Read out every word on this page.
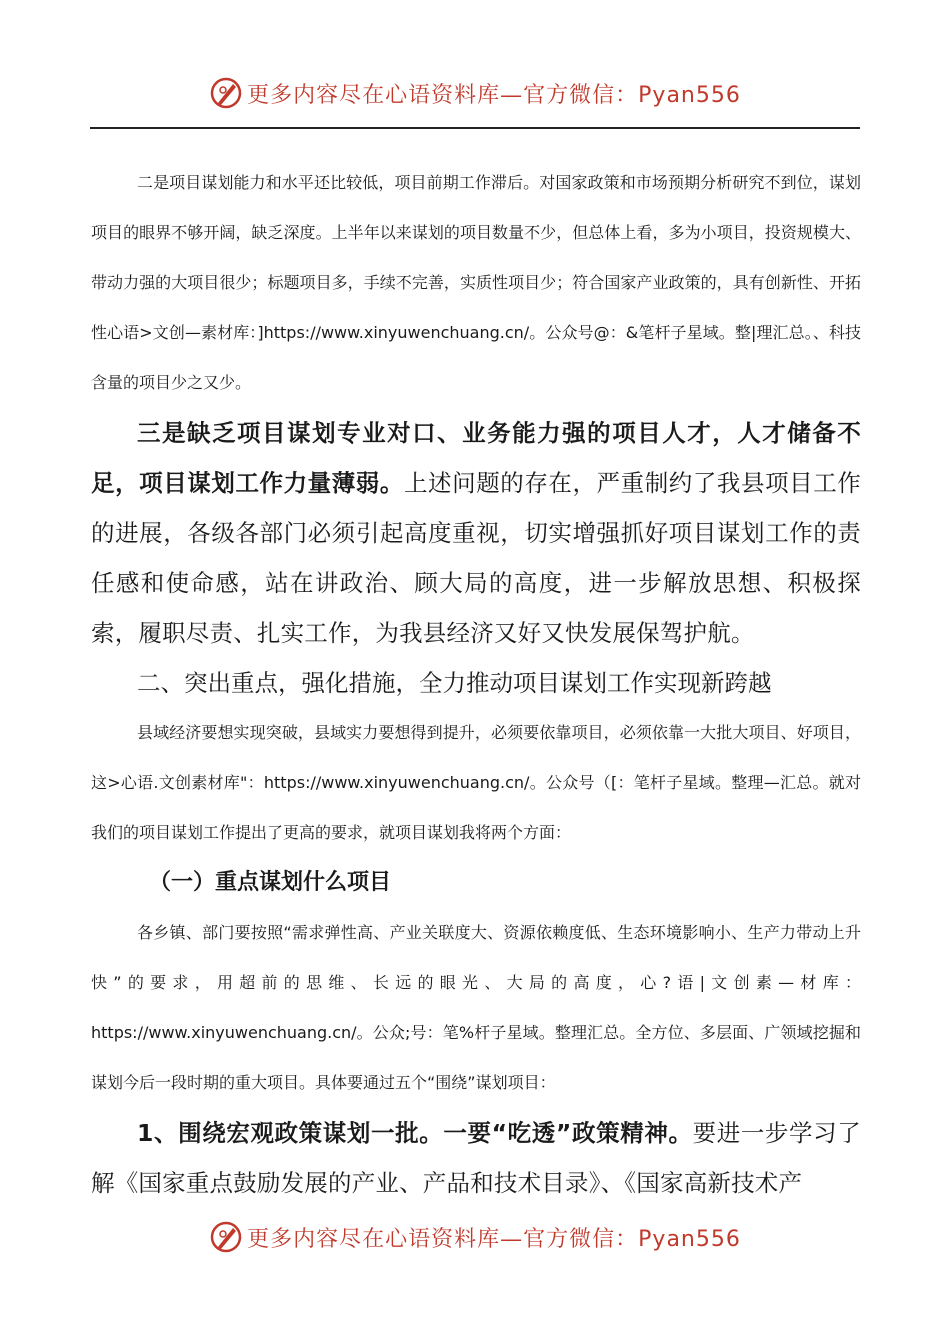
更多内容尽在心语资料库—官方微信：Pyan556

二是项目谋划能力和水平还比较低，项目前期工作滞后。对国家政策和市场预期分析研究不到位，谋划项目的眼界不够开阔，缺乏深度。上半年以来谋划的项目数量不少，但总体上看，多为小项目，投资规模大、带动力强的大项目很少；标题项目多，手续不完善，实质性项目少；符合国家产业政策的，具有创新性、开拓性心语>文创—素材库：]https://www.xinyuwenchuang.cn/。公众号@：&笔杆子星域。整|理汇总。、科技含量的项目少之又少。

三是缺乏项目谋划专业对口、业务能力强的项目人才，人才储备不足，项目谋划工作力量薄弱。上述问题的存在，严重制约了我县项目工作的进展，各级各部门必须引起高度重视，切实增强抓好项目谋划工作的责任感和使命感，站在讲政治、顾大局的高度，进一步解放思想、积极探索，履职尽责、扎实工作，为我县经济又好又快发展保驾护航。

二、突出重点，强化措施，全力推动项目谋划工作实现新跨越

县域经济要想实现突破，县域实力要想得到提升，必须要依靠项目，必须依靠一大批大项目、好项目，这>心语.文创素材库"：https://www.xinyuwenchuang.cn/。公众号（[：笔杆子星域。整理—汇总。就对我们的项目谋划工作提出了更高的要求，就项目谋划我将两个方面：

（一）重点谋划什么项目

各乡镇、部门要按照“需求弹性高、产业关联度大、资源依赖度低、生态环境影响小、生产力带动上升快”的要求，用超前的思维、长远的眼光、大局的高度，心?语|文创素—材库：https://www.xinyuwenchuang.cn/。公众;号：笔%杆子星域。整理汇总。全方位、多层面、广领域挖掘和谋划今后一段时期的重大项目。具体要通过五个“围绕”谋划项目：

1、围绕宏观政策谋划一批。一要“吃透”政策精神。要进一步学习了解《国家重点鼓励发展的产业、产品和技术目录》、《国家高新技术产

更多内容尽在心语资料库—官方微信：Pyan556
